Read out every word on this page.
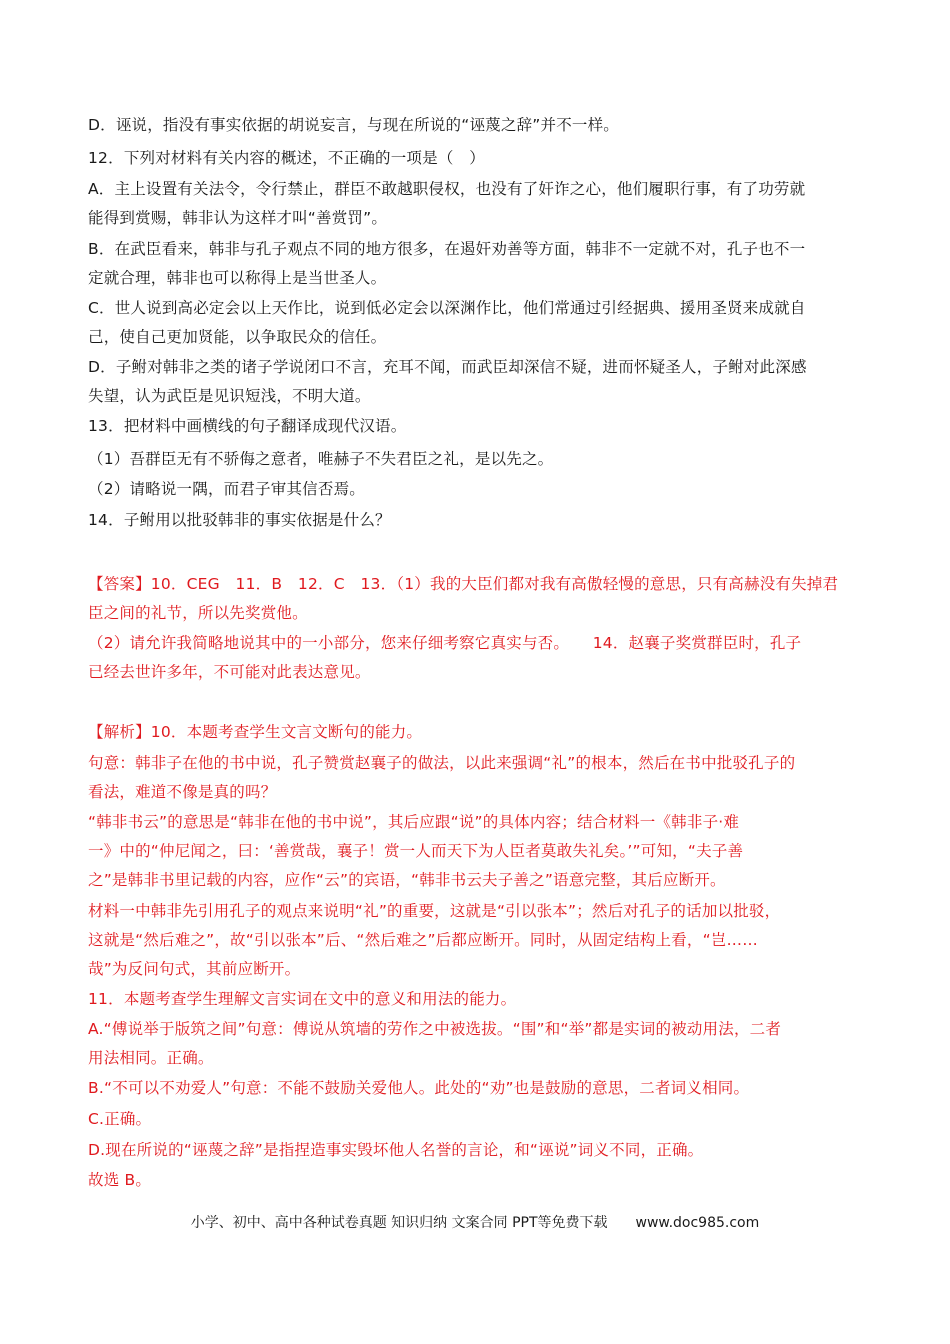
D．诬说，指没有事实依据的胡说妄言，与现在所说的“诬蔑之辞”并不一样。
12．下列对材料有关内容的概述，不正确的一项是（　）
A．主上设置有关法令，令行禁止，群臣不敢越职侵权，也没有了奸诈之心，他们履职行事，有了功劳就
能得到赏赐，韩非认为这样才叫“善赏罚”。
B．在武臣看来，韩非与孔子观点不同的地方很多，在遏奸劝善等方面，韩非不一定就不对，孔子也不一
定就合理，韩非也可以称得上是当世圣人。
C．世人说到高必定会以上天作比，说到低必定会以深渊作比，他们常通过引经据典、援用圣贤来成就自
己，使自己更加贤能，以争取民众的信任。
D．子鲋对韩非之类的诸子学说闭口不言，充耳不闻，而武臣却深信不疑，进而怀疑圣人，子鲋对此深感
失望，认为武臣是见识短浅，不明大道。
13．把材料中画横线的句子翻译成现代汉语。
（1）吾群臣无有不骄侮之意者，唯赫子不失君臣之礼，是以先之。
（2）请略说一隅，而君子审其信否焉。
14．子鲋用以批驳韩非的事实依据是什么？
【答案】10．CEG　11．B　12．C　13．（1）我的大臣们都对我有高傲轻慢的意思，只有高赫没有失掉君
臣之间的礼节，所以先奖赏他。
（2）请允许我简略地说其中的一小部分，您来仔细考察它真实与否。　　14．赵襄子奖赏群臣时，孔子
已经去世许多年，不可能对此表达意见。
【解析】10．本题考查学生文言文断句的能力。
句意：韩非子在他的书中说，孔子赞赏赵襄子的做法，以此来强调“礼”的根本，然后在书中批驳孔子的
看法，难道不像是真的吗？
“韩非书云”的意思是“韩非在他的书中说”，其后应跟“说”的具体内容；结合材料一《韩非子·难
一》中的“仲尼闻之，曰：‘善赏哉，襄子！赏一人而天下为人臣者莫敢失礼矣。’”可知，“夫子善
之”是韩非书里记载的内容，应作“云”的宾语，“韩非书云夫子善之”语意完整，其后应断开。
材料一中韩非先引用孔子的观点来说明“礼”的重要，这就是“引以张本”；然后对孔子的话加以批驳，
这就是“然后难之”，故“引以张本”后、“然后难之”后都应断开。同时，从固定结构上看，“岂……
哉”为反问句式，其前应断开。
11．本题考查学生理解文言实词在文中的意义和用法的能力。
A.“傅说举于版筑之间”句意：傅说从筑墙的劳作之中被选拔。“围”和“举”都是实词的被动用法，二者
用法相同。正确。
B.“不可以不劝爱人”句意：不能不鼓励关爱他人。此处的“劝”也是鼓励的意思，二者词义相同。
C.正确。
D.现在所说的“诬蔑之辞”是指捏造事实毁坏他人名誉的言论，和“诬说”词义不同，正确。
故选 B。
小学、初中、高中各种试卷真题 知识归纳 文案合同 PPT等免费下载 www.doc985.com
